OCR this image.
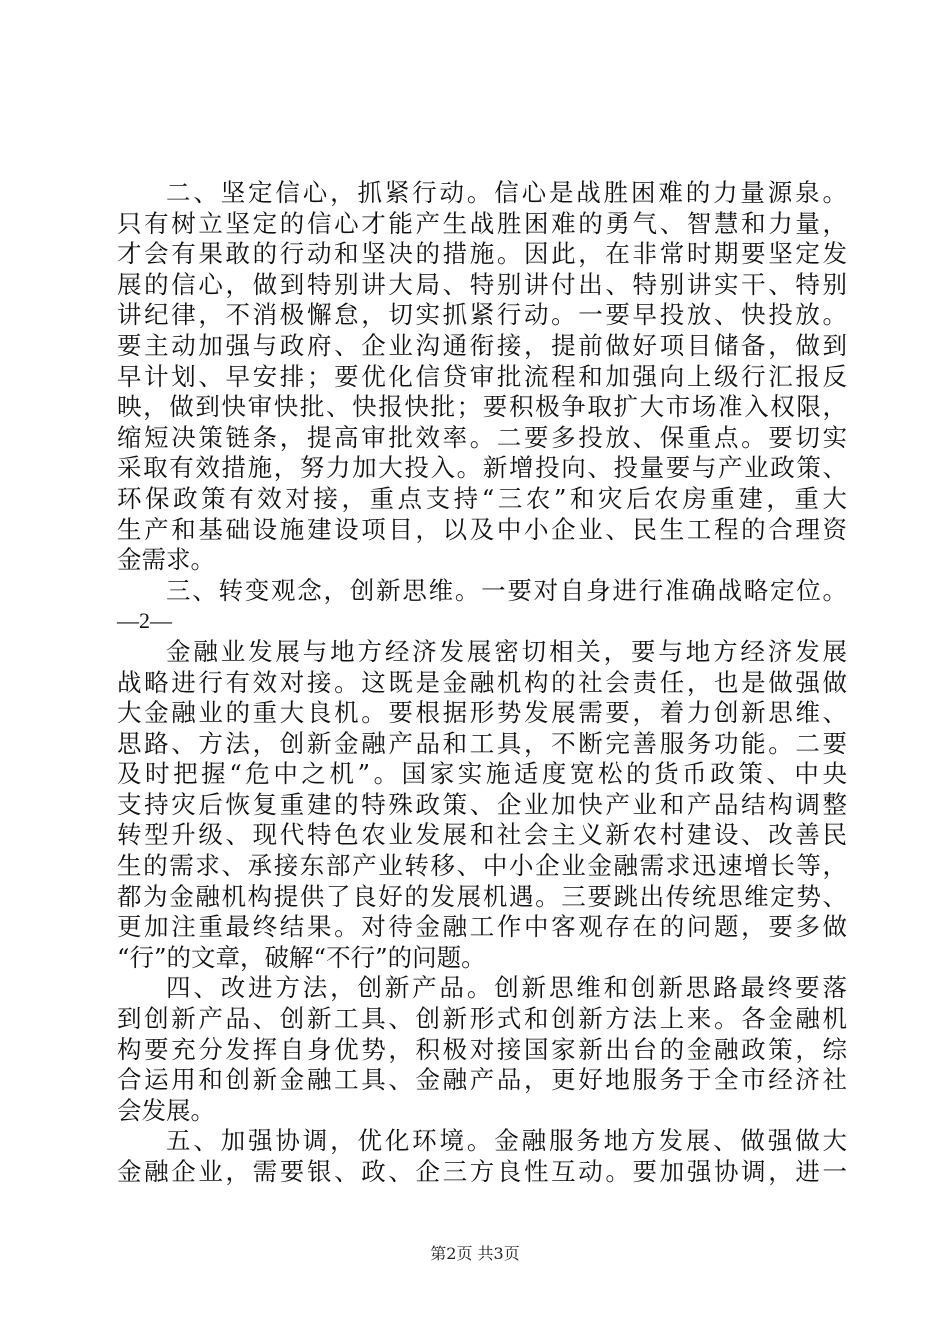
二、坚定信心，抓紧行动。信心是战胜困难的力量源泉。
只有树立坚定的信心才能产生战胜困难的勇气、智慧和力量，
才会有果敢的行动和坚决的措施。因此，在非常时期要坚定发
展的信心，做到特别讲大局、特别讲付出、特别讲实干、特别
讲纪律，不消极懈怠，切实抓紧行动。一要早投放、快投放。
要主动加强与政府、企业沟通衔接，提前做好项目储备，做到
早计划、早安排；要优化信贷审批流程和加强向上级行汇报反
映，做到快审快批、快报快批；要积极争取扩大市场准入权限，
缩短决策链条，提高审批效率。二要多投放、保重点。要切实
采取有效措施，努力加大投入。新增投向、投量要与产业政策、
环保政策有效对接，重点支持“三农”和灾后农房重建，重大
生产和基础设施建设项目，以及中小企业、民生工程的合理资
金需求。
三、转变观念，创新思维。一要对自身进行准确战略定位。
—2—
金融业发展与地方经济发展密切相关，要与地方经济发展
战略进行有效对接。这既是金融机构的社会责任，也是做强做
大金融业的重大良机。要根据形势发展需要，着力创新思维、
思路、方法，创新金融产品和工具，不断完善服务功能。二要
及时把握“危中之机”。国家实施适度宽松的货币政策、中央
支持灾后恢复重建的特殊政策、企业加快产业和产品结构调整
转型升级、现代特色农业发展和社会主义新农村建设、改善民
生的需求、承接东部产业转移、中小企业金融需求迅速增长等，
都为金融机构提供了良好的发展机遇。三要跳出传统思维定势、
更加注重最终结果。对待金融工作中客观存在的问题，要多做
“行”的文章，破解“不行”的问题。
四、改进方法，创新产品。创新思维和创新思路最终要落
到创新产品、创新工具、创新形式和创新方法上来。各金融机
构要充分发挥自身优势，积极对接国家新出台的金融政策，综
合运用和创新金融工具、金融产品，更好地服务于全市经济社
会发展。
五、加强协调，优化环境。金融服务地方发展、做强做大
金融企业，需要银、政、企三方良性互动。要加强协调，进一
第2页 共3页
